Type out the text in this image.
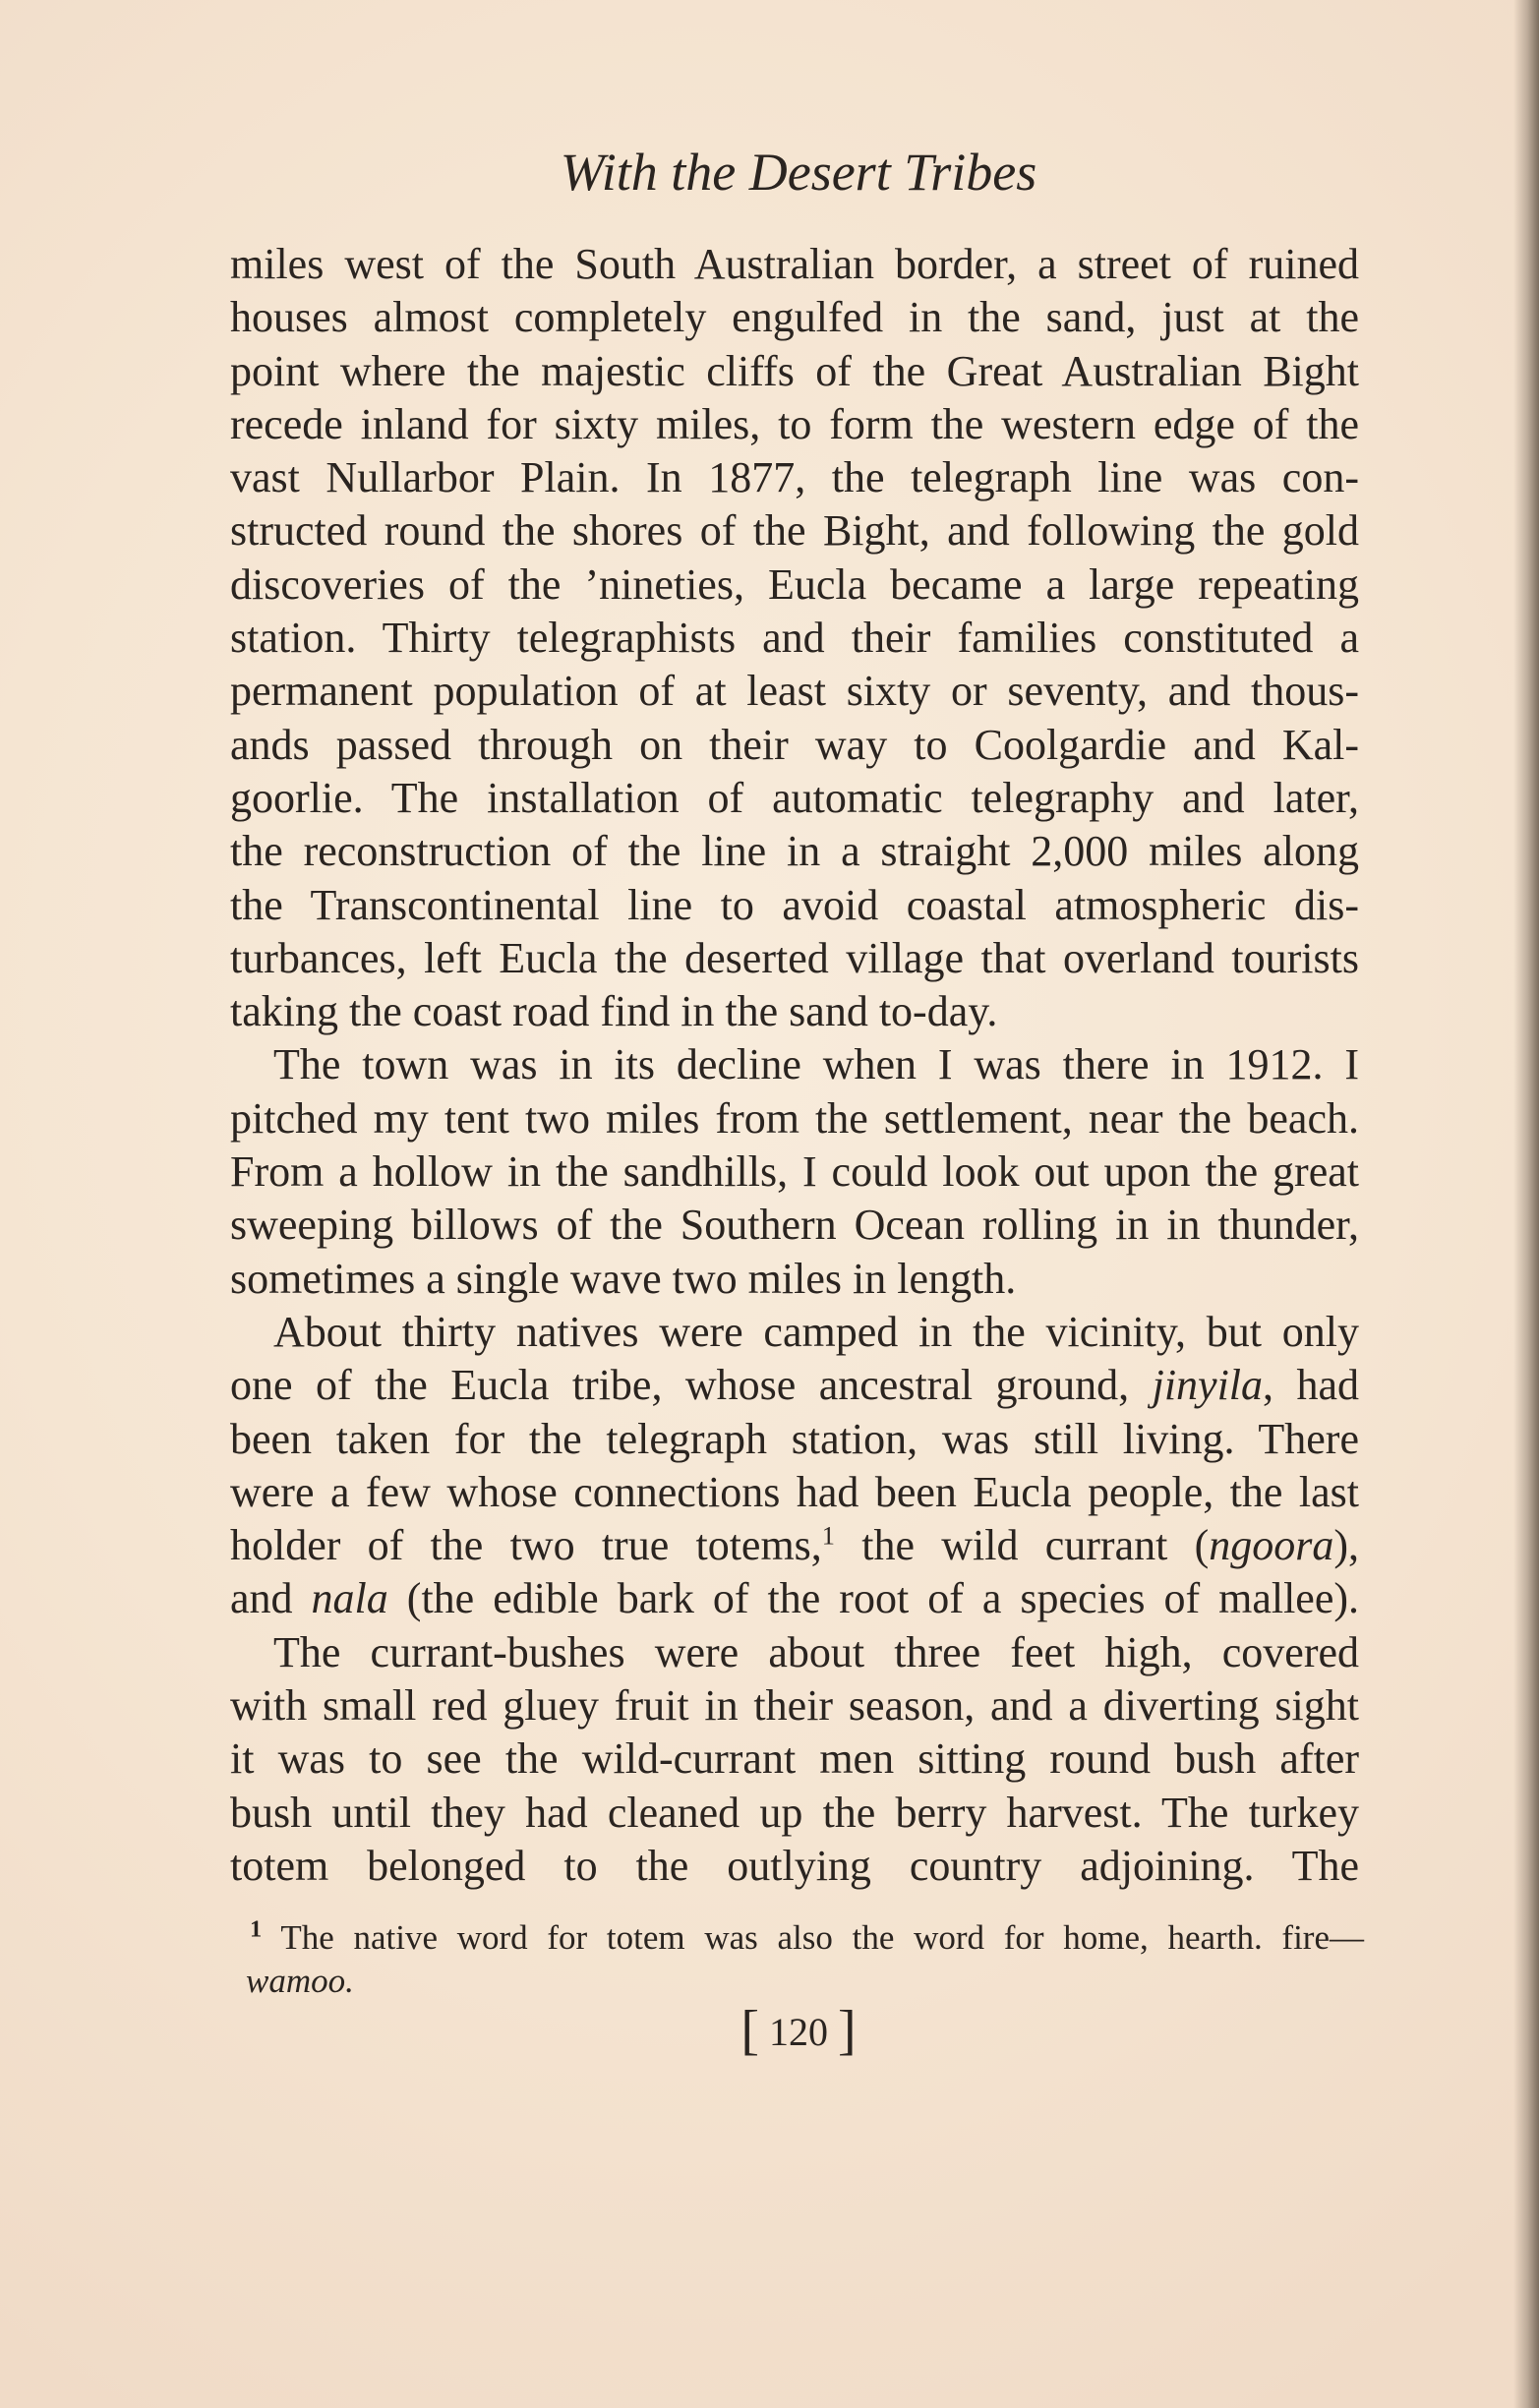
With the Desert Tribes
miles west of the South Australian border, a street of ruined
houses almost completely engulfed in the sand, just at the
point where the majestic cliffs of the Great Australian Bight
recede inland for sixty miles, to form the western edge of the
vast Nullarbor Plain. In 1877, the telegraph line was con-
structed round the shores of the Bight, and following the gold
discoveries of the ’nineties, Eucla became a large repeating
station. Thirty telegraphists and their families constituted a
permanent population of at least sixty or seventy, and thous-
ands passed through on their way to Coolgardie and Kal-
goorlie. The installation of automatic telegraphy and later,
the reconstruction of the line in a straight 2,000 miles along
the Transcontinental line to avoid coastal atmospheric dis-
turbances, left Eucla the deserted village that overland tourists
taking the coast road find in the sand to-day.
The town was in its decline when I was there in 1912. I
pitched my tent two miles from the settlement, near the beach.
From a hollow in the sandhills, I could look out upon the great
sweeping billows of the Southern Ocean rolling in in thunder,
sometimes a single wave two miles in length.
About thirty natives were camped in the vicinity, but only
one of the Eucla tribe, whose ancestral ground, jinyila, had
been taken for the telegraph station, was still living. There
were a few whose connections had been Eucla people, the last
holder of the two true totems,$^1$ the wild currant (ngoora),
and nala (the edible bark of the root of a species of mallee).
The currant-bushes were about three feet high, covered
with small red gluey fruit in their season, and a diverting sight
it was to see the wild-currant men sitting round bush after
bush until they had cleaned up the berry harvest. The turkey
totem belonged to the outlying country adjoining. The
$^1$ The native word for totem was also the word for home, hearth. fire—
wamoo.
[ 120 ]
